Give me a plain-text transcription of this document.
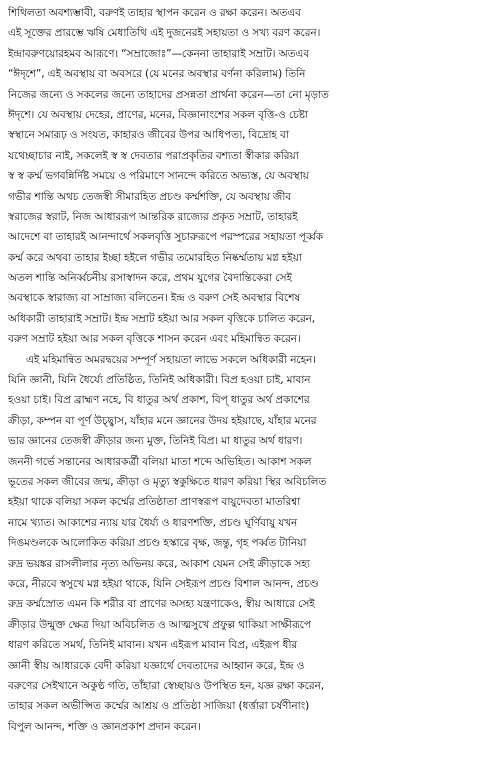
শিথিলতা অবশ্যম্ভাবী, বরুণই তাহার স্থাপন করেন ও রক্ষা করেন। অতএব
এই সূক্তের প্রারম্ভে ঋষি মেধাতিথি এই দুজনেরই সহায়তা ও সখ্য বরণ করেন।
ইন্দ্রাবরুণয়োরহমব আরূণে। “সম্রাজোঃ”—কেননা তাহারাই সম্রাট। অতএব
“ঈদৃশে”, এই অবস্থায় বা অবসরে (যে মনের অবস্থার বর্ণনা করিলাম) তিনি
নিজের জন্যে ও সকলের জন্যে তাহাদের প্রসন্নতা প্রার্থনা করেন—তা নো মৃড়াত
ঈদৃশে। যে অবস্থায় দেহের, প্রাণের, মনের, বিজ্ঞানাংশের সকল বৃত্তি-ও চেষ্টা
স্বস্থানে সমারূঢ় ও সংযত, কাহারও জীবের উপর আধিপত্য, বিদ্রোহ বা
যথেচ্ছাচার নাই, সকলেই স্ব স্ব দেবতার পরাপ্রকৃতির বশ্যতা স্বীকার করিয়া
স্ব স্ব কর্ম্ম ভগবন্নির্দিষ্ট সময়ে ও পরিমাণে সানন্দে করিতে অভ্যস্ত, যে অবস্থায়
গভীর শান্তি অথচ তেজস্বী সীমারহিত প্রচণ্ড কর্ম্মশক্তি, যে অবস্থায় জীব
স্বরাজের স্বরাট, নিজ আধাররূপ আন্তরিক রাজ্যের প্রকৃত সম্রাট, তাহারই
আদেশে বা তাহারই আনন্দার্থে সকলবৃত্তি সুচারুরূপে পরস্পরের সহায়তা পূর্ব্বক
কর্ম্ম করে অথবা তাহার ইচ্ছা হইলে গভীর তমোরহিত নিষ্কর্ম্মতায় মগ্ন হইয়া
অতল শান্তি অনির্ব্বচনীয় রসাস্বাদন করে, প্রথম যুগের বৈদান্তিকেরা সেই
অবস্থাকে স্বারাজ্য বা সাম্রাজ্য বলিতেন। ইন্দ্র ও বরুণ সেই অবস্থার বিশেষ
অধিকারী তাহারাই সম্রাট। ইন্দ্র সম্রাট হইয়া আর সকল বৃত্তিকে চালিত করেন,
বরুণ সম্রাট হইয়া আর সকল বৃত্তিকে শাসন করেন এবং মহিমান্বিত করেন।
এই মহিমান্বিত অমরদ্বয়ের সম্পূর্ণ সহায়তা লাভে সকলে অধিকারী নহেন।
যিনি জ্ঞানী, যিনি ধৈর্য্যে প্রতিষ্ঠিত, তিনিই অধিকারী। বিপ্র হওয়া চাই, মাবান
হওয়া চাই। বিপ্র ব্রাহ্মণ নহে, বি ধাতুর অর্থ প্রকাশ, বিপ্ ধাতুর অর্থ প্রকাশের
ক্রীড়া, কম্পন বা পূর্ণ উচ্ছ্বাস, যাঁহার মনে জ্ঞানের উদয় হইয়াছে, যাঁহার মনের
ভার জ্ঞানের তেজস্বী ক্রীড়ার জন্য মুক্ত, তিনিই বিপ্র। মা ধাতুর অর্থ ধারণ।
জননী গর্ভে সন্তানের আধারকর্ত্রী বলিয়া মাতা শব্দে অভিহিত। আকাশ সকল
ভূতের সকল জীবের জন্ম, ক্রীড়া ও মৃত্যু স্বকুক্ষিতে ধারণ করিয়া স্থির অবিচলিত
হইয়া থাকে বলিয়া সকল কর্ম্মের প্রতিষ্ঠাতা প্রাণস্বরূপ বায়ুদেবতা মাতরিশ্বা
নামে খ্যাত। আকাশের ন্যায় যার ধৈর্য্য ও ধারণশক্তি, প্রচণ্ড ঘূর্ণিবায়ু যখন
দিঙমণ্ডলকে আলোকিত করিয়া প্রচণ্ড হস্কারে বৃক্ষ, জন্তু, গৃহ পর্ব্বত টানিয়া
রুদ্র ভয়ঙ্কর রাসলীলার নৃত্য অভিনয় করে, আকাশ যেমন সেই ক্রীড়াকে সহ্য
করে, নীরবে স্বসুখে মগ্ন হইয়া থাকে, যিনি সেইরূপ প্রচণ্ড বিশাল আনন্দ, প্রচণ্ড
রুদ্র কর্ম্মস্রোত এমন কি শরীর বা প্রাণের অসহ্য যন্ত্রণাকেও, স্বীয় আধারে সেই
ক্রীড়ার উন্মুক্ত ক্ষেত্র দিয়া অবিচলিত ও আত্মসুখে প্রফুল্ল থাকিয়া সাক্ষীরূপে
ধারণ করিতে সমর্থ, তিনিই মাবান। যখন এইরূপ মাবান বিপ্র, এইরূপ ধীর
জ্ঞানী স্বীয় আধারকে বেদী করিয়া যজ্ঞার্থে দেবতাদের আহ্বান করে, ইন্দ্র ও
বরুণের সেইখানে অকুণ্ঠ গতি, তাঁহারা স্বেচ্ছায়ও উপস্থিত হন, যজ্ঞ রক্ষা করেন,
তাহার সকল অভীপ্সিত কর্ম্মের আশ্রয় ও প্রতিষ্ঠা সাজিয়া (ধর্ত্তারা চর্ষণীনাং)
বিপুল আনন্দ, শক্তি ও জ্ঞানপ্রকাশ প্রদান করেন।
